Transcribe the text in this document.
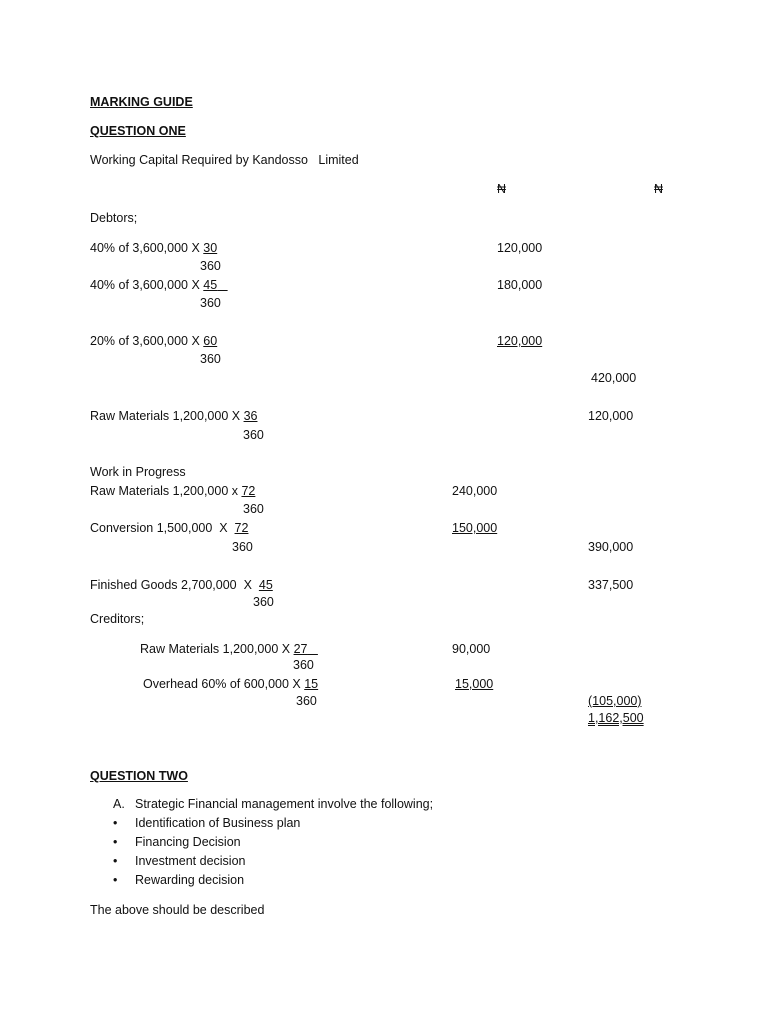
MARKING GUIDE
QUESTION ONE
Working Capital Required by Kandosso   Limited
₦	₦
Debtors;
40% of 3,600,000 X 30
360
120,000
40% of 3,600,000 X 45
360
180,000
20% of 3,600,000 X 60
360
120,000
420,000
Raw Materials 1,200,000 X 36
360
120,000
Work in Progress
Raw Materials 1,200,000 x 72
360
240,000
Conversion 1,500,000  X  72
360
150,000
390,000
Finished Goods 2,700,000  X  45
360
337,500
Creditors;
Raw Materials 1,200,000 X 27
360
90,000
Overhead 60% of 600,000 X 15
360
15,000
(105,000)
1,162,500
QUESTION TWO
A. Strategic Financial management involve the following;
• Identification of Business plan
• Financing Decision
• Investment decision
• Rewarding decision
The above should be described
